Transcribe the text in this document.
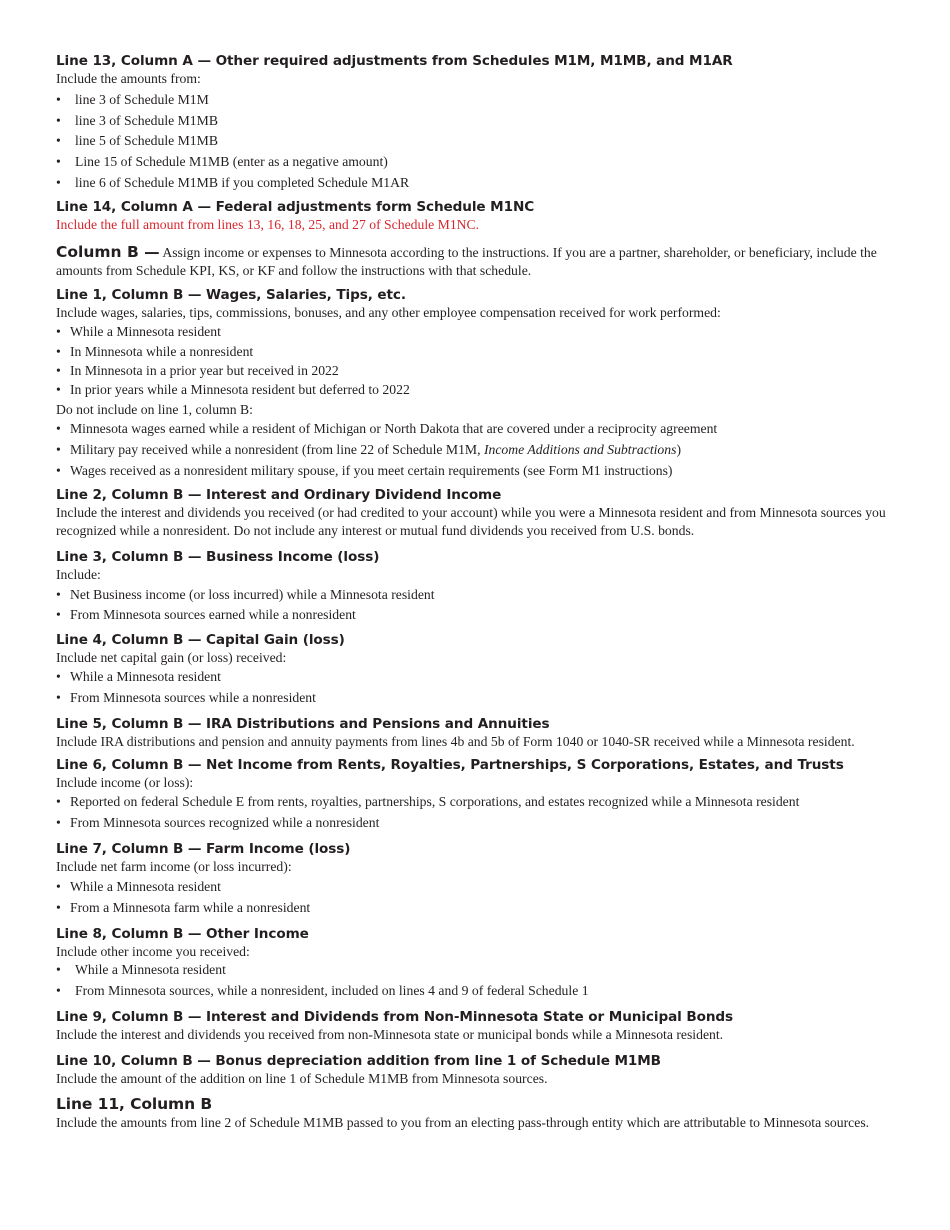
Line 13, Column A — Other required adjustments from Schedules M1M, M1MB, and M1AR

Include the amounts from:

• line 3 of Schedule M1M
• line 3 of Schedule M1MB
• line 5 of Schedule M1MB
• Line 15 of Schedule M1MB (enter as a negative amount)
• line 6 of Schedule M1MB if you completed Schedule M1AR
Line 14, Column A — Federal adjustments form Schedule M1NC

Include the full amount from lines 13, 16, 18, 25, and 27 of Schedule M1NC.

Column B — Assign income or expenses to Minnesota according to the instructions. If you are a partner, shareholder, or beneficiary, include the amounts from Schedule KPI, KS, or KF and follow the instructions with that schedule.

Line 1, Column B — Wages, Salaries, Tips, etc.

Include wages, salaries, tips, commissions, bonuses, and any other employee compensation received for work performed:

• While a Minnesota resident
• In Minnesota while a nonresident
• In Minnesota in a prior year but received in 2022
• In prior years while a Minnesota resident but deferred to 2022

Do not include on line 1, column B:

• Minnesota wages earned while a resident of Michigan or North Dakota that are covered under a reciprocity agreement
• Military pay received while a nonresident (from line 22 of Schedule M1M, Income Additions and Subtractions)
• Wages received as a nonresident military spouse, if you meet certain requirements (see Form M1 instructions)
Line 2, Column B — Interest and Ordinary Dividend Income

Include the interest and dividends you received (or had credited to your account) while you were a Minnesota resident and from Minnesota sources you recognized while a nonresident. Do not include any interest or mutual fund dividends you received from U.S. bonds.

Line 3, Column B — Business Income (loss)

Include:

• Net Business income (or loss incurred) while a Minnesota resident
• From Minnesota sources earned while a nonresident
Line 4, Column B — Capital Gain (loss)

Include net capital gain (or loss) received:

• While a Minnesota resident
• From Minnesota sources while a nonresident
Line 5, Column B — IRA Distributions and Pensions and Annuities

Include IRA distributions and pension and annuity payments from lines 4b and 5b of Form 1040 or 1040-SR received while a Minnesota resident.

Line 6, Column B — Net Income from Rents, Royalties, Partnerships, S Corporations, Estates, and Trusts

Include income (or loss):

• Reported on federal Schedule E from rents, royalties, partnerships, S corporations, and estates recognized while a Minnesota resident
• From Minnesota sources recognized while a nonresident
Line 7, Column B — Farm Income (loss)

Include net farm income (or loss incurred):

• While a Minnesota resident
• From a Minnesota farm while a nonresident
Line 8, Column B — Other Income

Include other income you received:

• While a Minnesota resident
• From Minnesota sources, while a nonresident, included on lines 4 and 9 of federal Schedule 1
Line 9, Column B — Interest and Dividends from Non-Minnesota State or Municipal Bonds

Include the interest and dividends you received from non-Minnesota state or municipal bonds while a Minnesota resident.

Line 10, Column B — Bonus depreciation addition from line 1 of Schedule M1MB

Include the amount of the addition on line 1 of Schedule M1MB from Minnesota sources.

Line 11, Column B

Include the amounts from line 2 of Schedule M1MB passed to you from an electing pass-through entity which are attributable to Minnesota sources.
